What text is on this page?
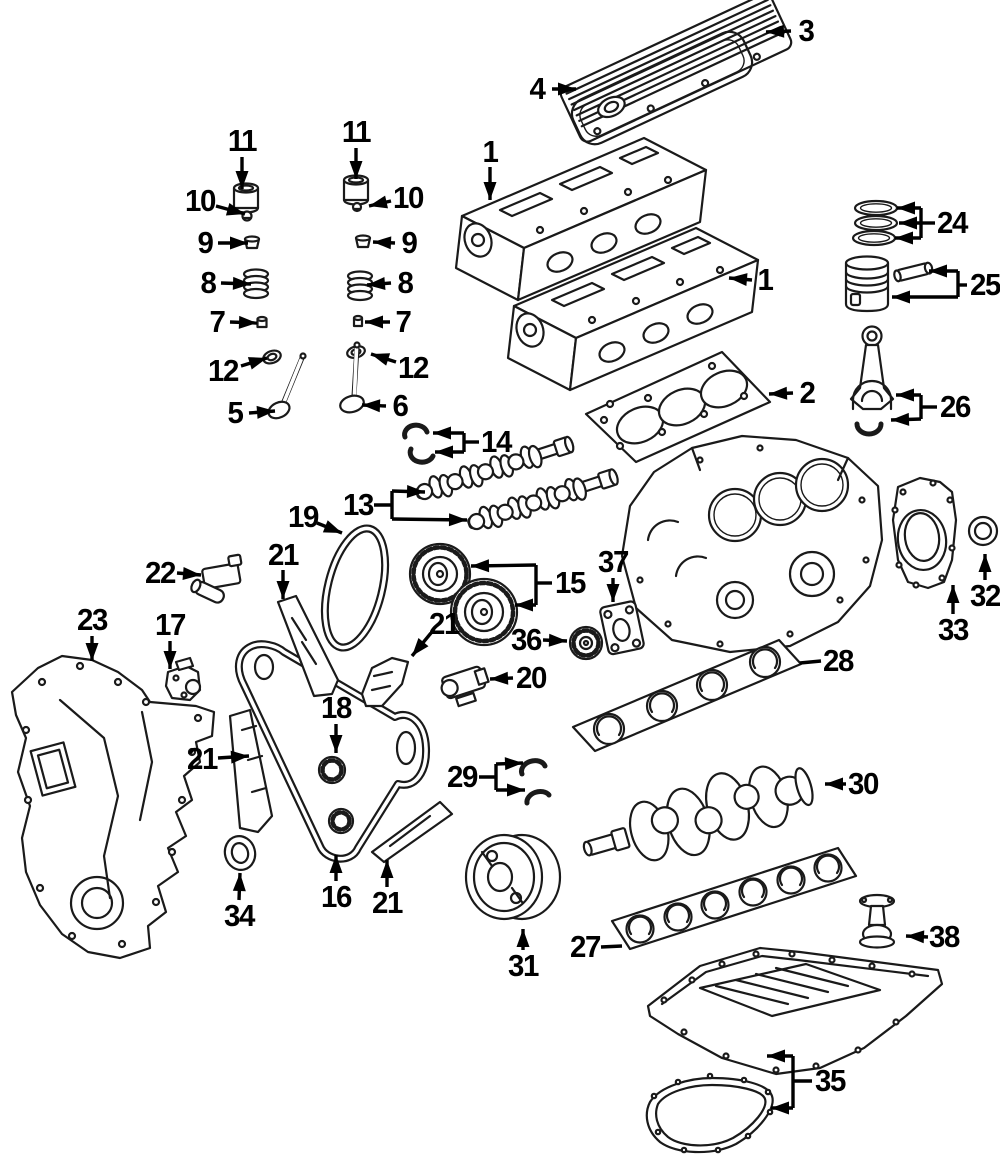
1
1
2
3
4
5	6
7	7
8	8
9	9
10	10
11	11
12	12
13
14
15
16
17
18
19
20
21
21
21
21
22
23
24
25
26
27
28
29	30
31
32
33
34
35
36
37
38
